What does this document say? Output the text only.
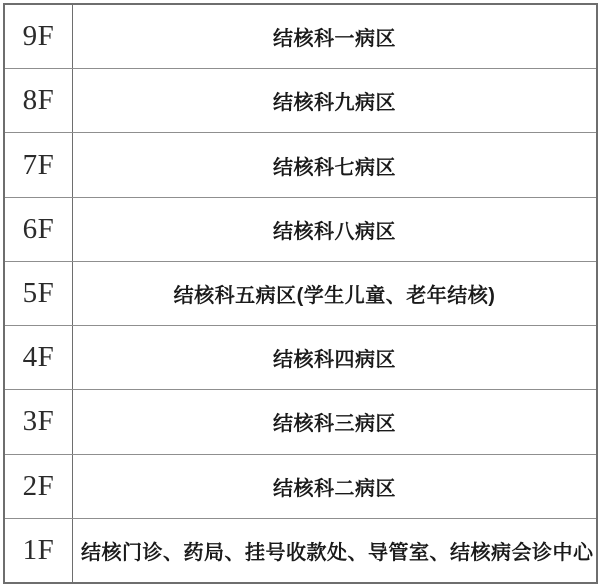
9F	结核科一病区
8F	结核科九病区
7F	结核科七病区
6F	结核科八病区
5F	结核科五病区(学生儿童、老年结核)
4F	结核科四病区
3F	结核科三病区
2F	结核科二病区
1F	结核门诊、药局、挂号收款处、导管室、结核病会诊中心
